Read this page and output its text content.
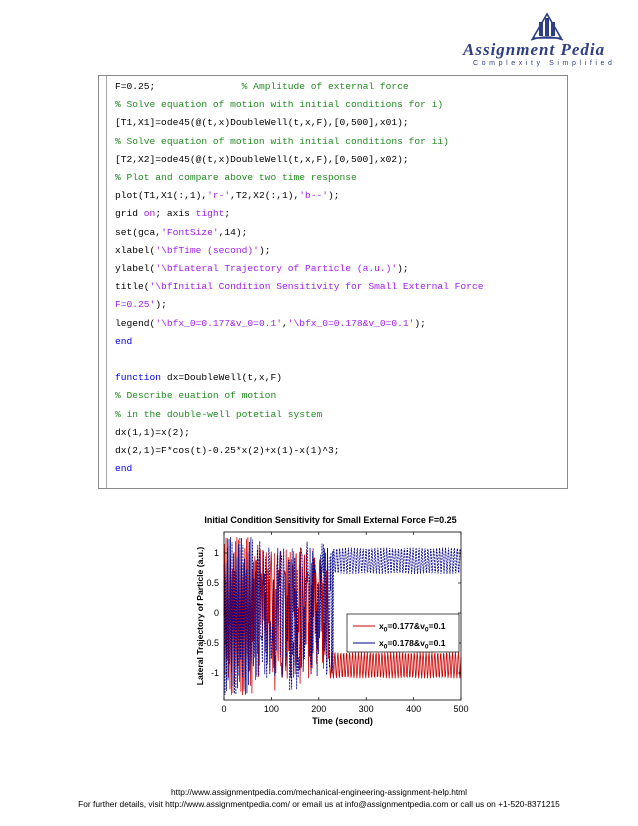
Assignment Pedia
Complexity Simplified
F=0.25;               % Amplitude of external force
% Solve equation of motion with initial conditions for i)
[T1,X1]=ode45(@(t,x)DoubleWell(t,x,F),[0,500],x01);
% Solve equation of motion with initial conditions for ii)
[T2,X2]=ode45(@(t,x)DoubleWell(t,x,F),[0,500],x02);
% Plot and compare above two time response
plot(T1,X1(:,1),'r-',T2,X2(:,1),'b--');
grid on; axis tight;
set(gca,'FontSize',14);
xlabel('\bfTime (second)');
ylabel('\bfLateral Trajectory of Particle (a.u.)');
title('\bfInitial Condition Sensitivity for Small External Force
F=0.25');
legend('\bfx_0=0.177&v_0=0.1','\bfx_0=0.178&v_0=0.1');
end
function dx=DoubleWell(t,x,F)
% Describe euation of motion
% in the double-well potetial system
dx(1,1)=x(2);
dx(2,1)=F*cos(t)-0.25*x(2)+x(1)-x(1)^3;
end
0	100	200	300	400	500
-1
-0.5
0
0.5
1
Initial Condition Sensitivity for Small External Force F=0.25
Time (second)
Lateral Trajectory of Particle (a.u.)	$x_0=0.177\&v_0=0.1$
$x_0=0.178\&v_0=0.1$
http://www.assignmentpedia.com/mechanical-engineering-assignment-help.html
For further details, visit http://www.assignmentpedia.com/ or email us at info@assignmentpedia.com or call us on +1-520-8371215
